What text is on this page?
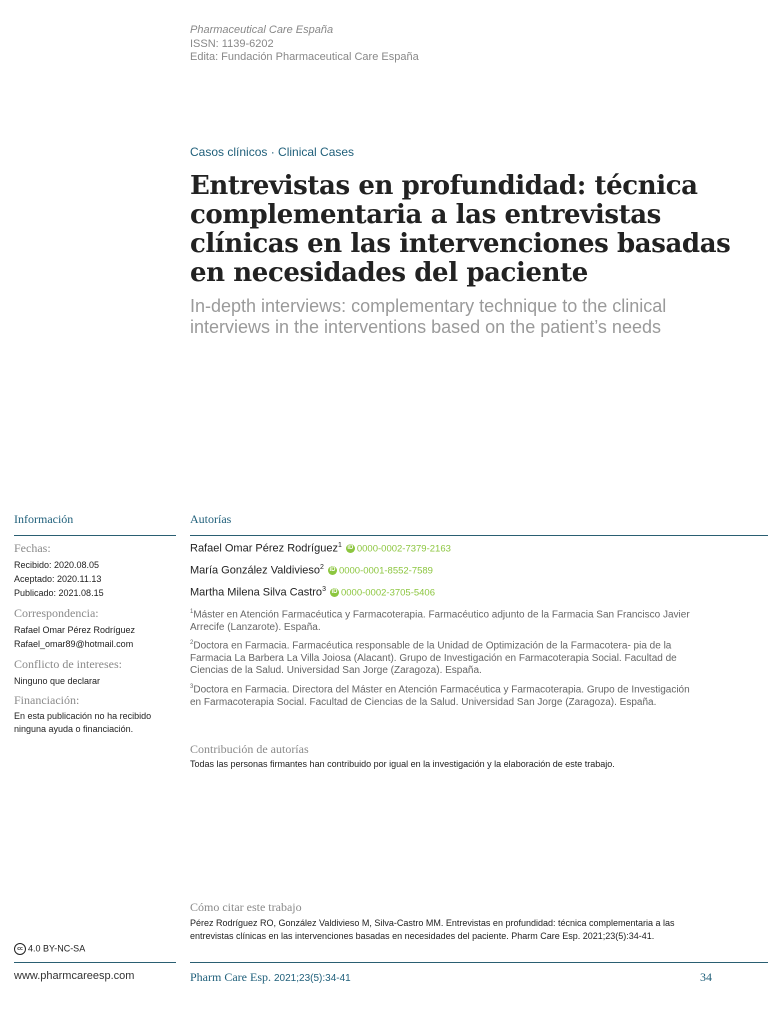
Pharmaceutical Care España
ISSN: 1139-6202
Edita: Fundación Pharmaceutical Care España
Casos clínicos · Clinical Cases
Entrevistas en profundidad: técnica complementaria a las entrevistas clínicas en las intervenciones basadas en necesidades del paciente
In-depth interviews: complementary technique to the clinical interviews in the interventions based on the patient’s needs
Información	Autorías
Fechas:
Recibido: 2020.08.05
Aceptado: 2020.11.13
Publicado: 2021.08.15
Correspondencia:
Rafael Omar Pérez Rodríguez
Rafael_omar89@hotmail.com
Conflicto de intereses:
Ninguno que declarar
Financiación:
En esta publicación no ha recibido ninguna ayuda o financiación.
Rafael Omar Pérez Rodríguez$^1$ iD 0000-0002-7379-2163
María González Valdivieso$^2$ iD 0000-0001-8552-7589
Martha Milena Silva Castro$^3$ iD 0000-0002-3705-5406
$^1$Máster en Atención Farmacéutica y Farmacoterapia. Farmacéutico adjunto de la Farmacia San Francisco Javier Arrecife (Lanzarote). España.
$^2$Doctora en Farmacia. Farmacéutica responsable de la Unidad de Optimización de la Farmacotera- pia de la Farmacia La Barbera La Villa Joiosa (Alacant). Grupo de Investigación en Farmacoterapia Social. Facultad de Ciencias de la Salud. Universidad San Jorge (Zaragoza). España.
$^3$Doctora en Farmacia. Directora del Máster en Atención Farmacéutica y Farmacoterapia. Grupo de Investigación en Farmacoterapia Social. Facultad de Ciencias de la Salud. Universidad San Jorge (Zaragoza). España.
Contribución de autorías
Todas las personas firmantes han contribuido por igual en la investigación y la elaboración de este trabajo.
Cómo citar este trabajo
Pérez Rodríguez RO, González Valdivieso M, Silva-Castro MM. Entrevistas en profundidad: técnica complementaria a las entrevistas clínicas en las intervenciones basadas en necesidades del paciente. Pharm Care Esp. 2021;23(5):34-41.
cc 4.0 BY-NC-SA
www.pharmcareesp.com	Pharm Care Esp. 2021;23(5):34-41	34
